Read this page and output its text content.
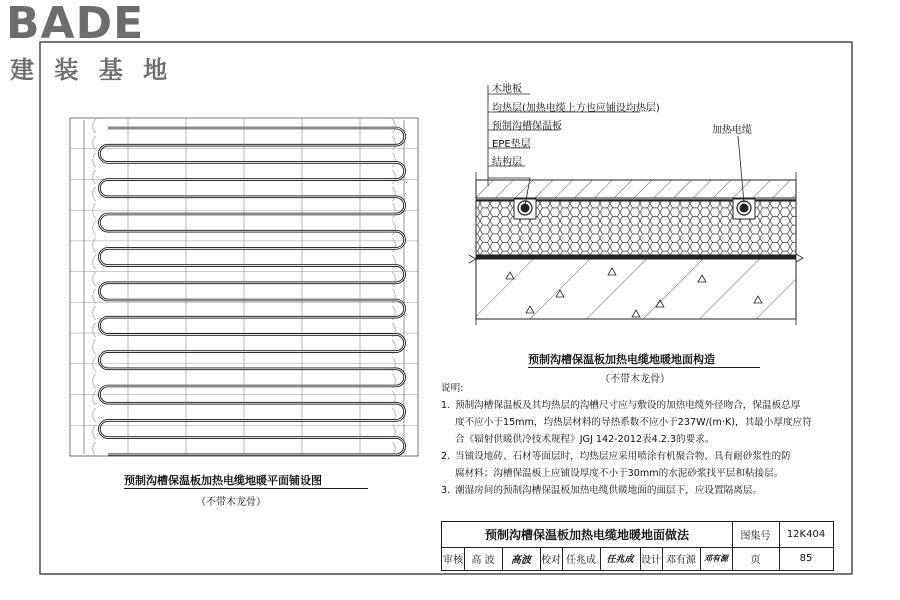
BADE
建 装 基 地
预制沟槽保温板加热电缆地暖平面铺设图
（不带木龙骨）
木地板
均热层(加热电缆上方也应铺设均热层)
预制沟槽保温板
EPE垫层
结构层
加热电缆
预制沟槽保温板加热电缆地暖地面构造
（不带木龙骨）
说明:
1. 预制沟槽保温板及其均热层的沟槽尺寸应与敷设的加热电缆外径吻合，保温板总厚
度不应小于15mm，均热层材料的导热系数不应小于237W/(m·K)，其最小厚度应符
合《辐射供暖供冷技术规程》JGJ 142-2012表4.2.3的要求。
2. 当铺设地砖、石材等面层时，均热层应采用喷涂有机聚合物、具有耐砂浆性的防
腐材料；沟槽保温板上应铺设厚度不小于30mm的水泥砂浆找平层和粘接层。
3. 潮湿房间的预制沟槽保温板加热电缆供暖地面的面层下，应设置隔离层。
预制沟槽保温板加热电缆地暖地面做法	图集号	12K404
审核 高 波	高波	校对 任兆成	任兆成 设计 邓有源	邓有源	页	85
